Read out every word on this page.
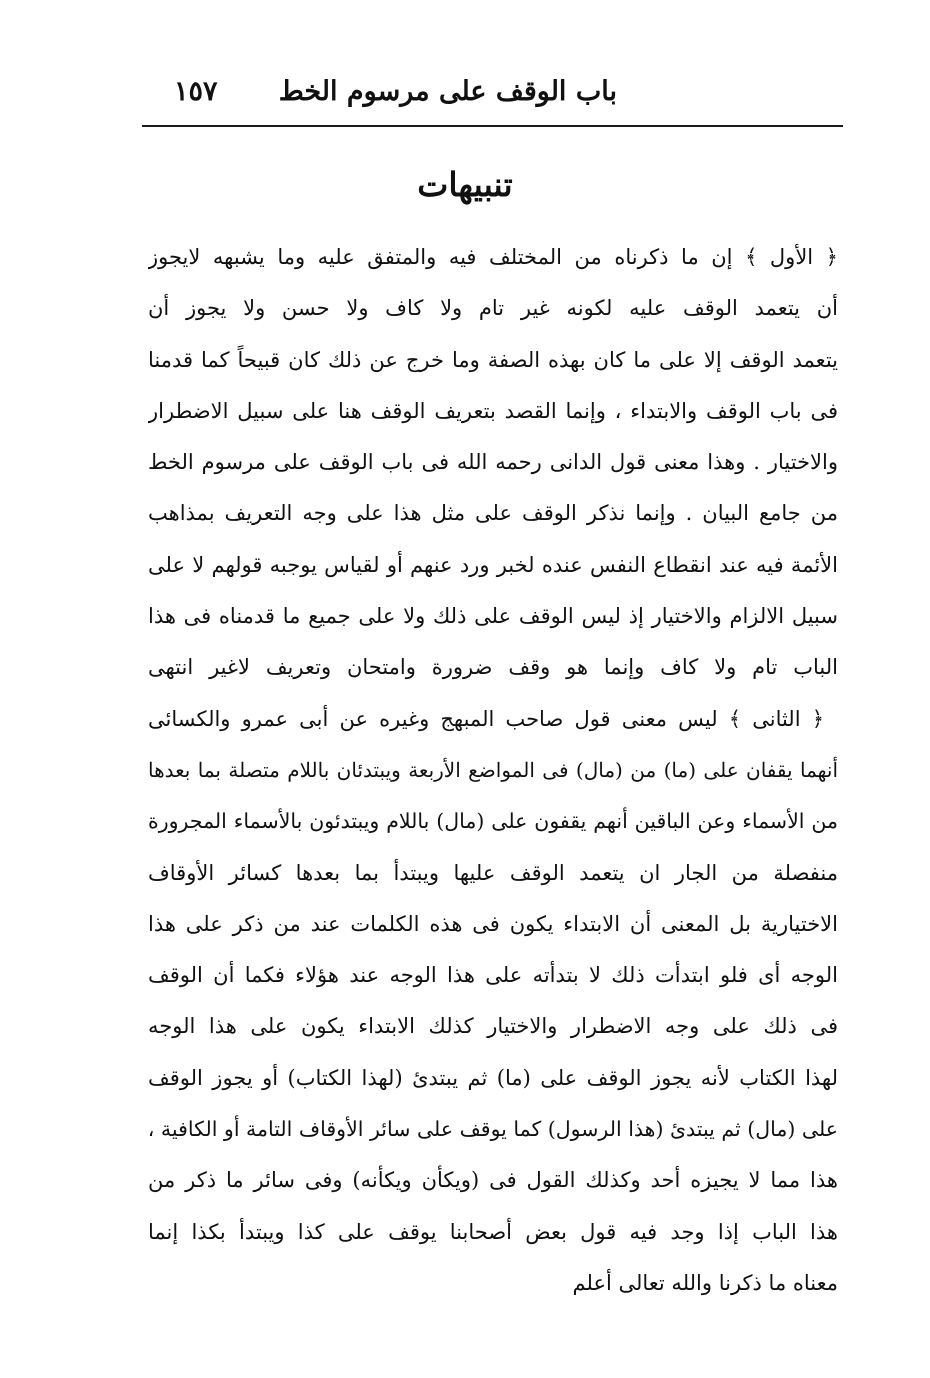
باب الوقف على مرسوم الخط
١٥٧
تنبيهات
﴿ الأول ﴾ إن ما ذكرناه من المختلف فيه والمتفق عليه وما يشبهه لايجوز
أن يتعمد الوقف عليه لكونه غير تام ولا كاف ولا حسن ولا يجوز أن
يتعمد الوقف إلا على ما كان بهذه الصفة وما خرج عن ذلك كان قبيحاً كما قدمنا
فى باب الوقف والابتداء ، وإنما القصد بتعريف الوقف هنا على سبيل الاضطرار
والاختيار . وهذا معنى قول الدانى رحمه الله فى باب الوقف على مرسوم الخط
من جامع البيان . وإنما نذكر الوقف على مثل هذا على وجه التعريف بمذاهب
الأئمة فيه عند انقطاع النفس عنده لخبر ورد عنهم أو لقياس يوجبه قولهم لا على
سبيل الالزام والاختيار إذ ليس الوقف على ذلك ولا على جميع ما قدمناه فى هذا
الباب تام ولا كاف وإنما هو وقف ضرورة وامتحان وتعريف لاغير انتهى
﴿ الثانى ﴾ ليس معنى قول صاحب المبهج وغيره عن أبى عمرو والكسائى
أنهما يقفان على (ما) من (مال) فى المواضع الأربعة ويبتدئان باللام متصلة بما بعدها
من الأسماء وعن الباقين أنهم يقفون على (مال) باللام ويبتدئون بالأسماء المجرورة
منفصلة من الجار ان يتعمد الوقف عليها ويبتدأ بما بعدها كسائر الأوقاف
الاختيارية بل المعنى أن الابتداء يكون فى هذه الكلمات عند من ذكر على هذا
الوجه أى فلو ابتدأت ذلك لا بتدأته على هذا الوجه عند هؤلاء فكما أن الوقف
فى ذلك على وجه الاضطرار والاختيار كذلك الابتداء يكون على هذا الوجه
لهذا الكتاب لأنه يجوز الوقف على (ما) ثم يبتدئ (لهذا الكتاب) أو يجوز الوقف
على (مال) ثم يبتدئ (هذا الرسول) كما يوقف على سائر الأوقاف التامة أو الكافية ،
هذا مما لا يجيزه أحد وكذلك القول فى (ويكأن ويكأنه) وفى سائر ما ذكر من
هذا الباب إذا وجد فيه قول بعض أصحابنا يوقف على كذا ويبتدأ بكذا إنما
معناه ما ذكرنا والله تعالى أعلم
